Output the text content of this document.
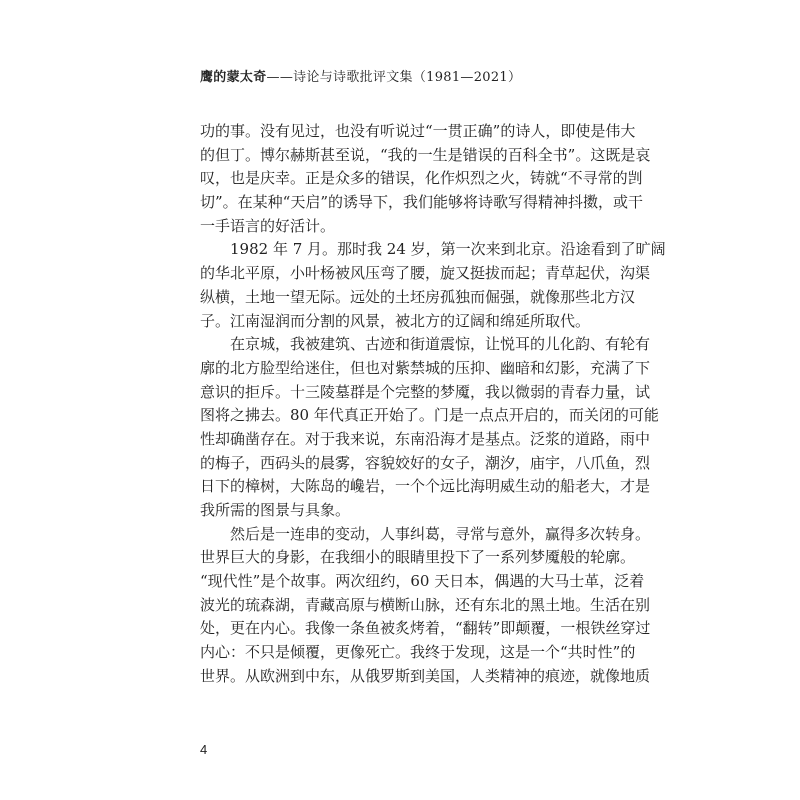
鹰的蒙太奇——诗论与诗歌批评文集（1981—2021）
功的事。没有见过，也没有听说过“一贯正确”的诗人，即使是伟大
的但丁。博尔赫斯甚至说，“我的一生是错误的百科全书”。这既是哀
叹，也是庆幸。正是众多的错误，化作炽烈之火，铸就“不寻常的剀
切”。在某种“天启”的诱导下，我们能够将诗歌写得精神抖擞，或干
一手语言的好活计。
1982 年 7 月。那时我 24 岁，第一次来到北京。沿途看到了旷阔
的华北平原，小叶杨被风压弯了腰，旋又挺拔而起；青草起伏，沟渠
纵横，土地一望无际。远处的土坯房孤独而倔强，就像那些北方汉
子。江南湿润而分割的风景，被北方的辽阔和绵延所取代。
在京城，我被建筑、古迹和街道震惊，让悦耳的儿化韵、有轮有
廓的北方脸型给迷住，但也对紫禁城的压抑、幽暗和幻影，充满了下
意识的拒斥。十三陵墓群是个完整的梦魇，我以微弱的青春力量，试
图将之拂去。80 年代真正开始了。门是一点点开启的，而关闭的可能
性却确凿存在。对于我来说，东南沿海才是基点。泛浆的道路，雨中
的梅子，西码头的晨雾，容貌姣好的女子，潮汐，庙宇，八爪鱼，烈
日下的樟树，大陈岛的巉岩，一个个远比海明威生动的船老大，才是
我所需的图景与具象。
然后是一连串的变动，人事纠葛，寻常与意外，赢得多次转身。
世界巨大的身影，在我细小的眼睛里投下了一系列梦魇般的轮廓。
“现代性”是个故事。两次纽约，60 天日本，偶遇的大马士革，泛着
波光的琉森湖，青藏高原与横断山脉，还有东北的黑土地。生活在别
处，更在内心。我像一条鱼被炙烤着，“翻转”即颠覆，一根铁丝穿过
内心：不只是倾覆，更像死亡。我终于发现，这是一个“共时性”的
世界。从欧洲到中东，从俄罗斯到美国，人类精神的痕迹，就像地质
4
